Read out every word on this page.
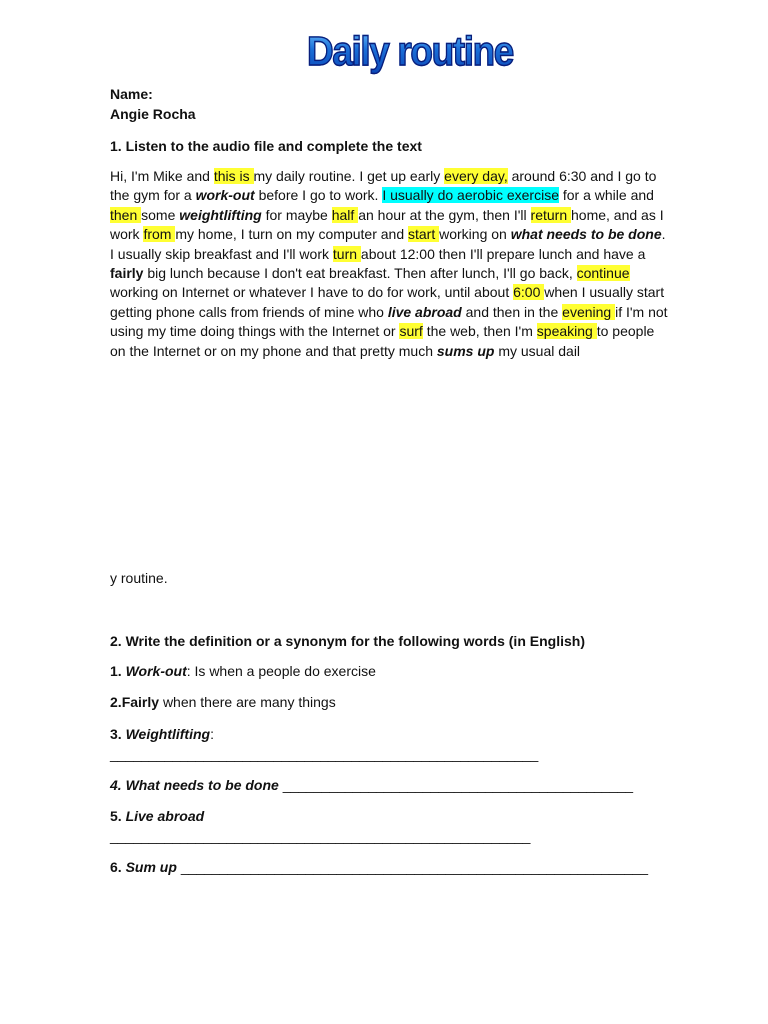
Daily routine
Name:
Angie Rocha
1. Listen to the audio file and complete the text
Hi, I'm Mike and this is my daily routine. I get up early every day, around 6:30 and I go to the gym for a work-out before I go to work. I usually do aerobic exercise for a while and then some weightlifting for maybe half an hour at the gym, then I'll return home, and as I work from my home, I turn on my computer and start working on what needs to be done. I usually skip breakfast and I'll work turn about 12:00 then I'll prepare lunch and have a fairly big lunch because I don't eat breakfast. Then after lunch, I'll go back, continue working on Internet or whatever I have to do for work, until about 6:00 when I usually start getting phone calls from friends of mine who live abroad and then in the evening if I'm not using my time doing things with the Internet or surf the web, then I'm speaking to people on the Internet or on my phone and that pretty much sums up my usual dail
y routine.
2. Write the definition or a synonym for the following words (in English)
1. Work-out: Is when a people do exercise
2.Fairly when there are many things
3. Weightlifting:
_______________________________________________________
4. What needs to be done _____________________________________________
5. Live abroad
______________________________________________________
6. Sum up ____________________________________________________________
